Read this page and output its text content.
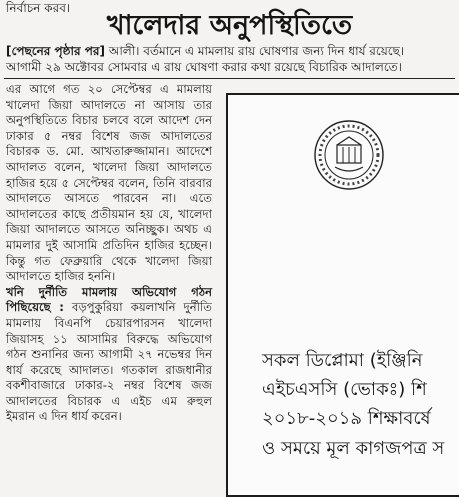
নির্বাচন করব।
খালেদার অনুপস্থিতিতে

[পেছনের পৃষ্ঠার পর] আলী। বর্তমানে এ মামলায় রায় ঘোষণার জন্য দিন ধার্য রয়েছে।

আগামী ২৯ অক্টোবর সোমবার এ রায় ঘোষণা করার কথা রয়েছে বিচারিক আদালতে।

এর আগে গত ২০ সেপ্টেম্বর এ মামলায় খালেদা জিয়া আদালতে না আসায় তার অনুপস্থিতিতে বিচার চলবে বলে আদেশ দেন ঢাকার ৫ নম্বর বিশেষ জজ আদালতের বিচারক ড. মো. আখতারুজ্জামান। আদেশে আদালত বলেন, খালেদা জিয়া আদালতে হাজির হয়ে ৫ সেপ্টেম্বর বলেন, তিনি বারবার আদালতে আসতে পারবেন না। এতে আদালতের কাছে প্রতীয়মান হয় যে, খালেদা জিয়া আদালতে আসতে অনিচ্ছুক। অথচ এ মামলার দুই আসামি প্রতিদিন হাজির হচ্ছেন। কিন্তু গত ফেব্রুয়ারি থেকে খালেদা জিয়া আদালতে হাজির হননি।

খনি দুর্নীতি মামলায় অভিযোগ গঠন পিছিয়েছে : বড়পুকুরিয়া কয়লাখনি দুর্নীতি মামলায় বিএনপি চেয়ারপারসন খালেদা জিয়াসহ ১১ আসামির বিরুদ্ধে অভিযোগ গঠন শুনানির জন্য আগামী ২৭ নভেম্বর দিন ধার্য করেছে আদালত। গতকাল রাজধানীর বকশীবাজারে ঢাকার-২ নম্বর বিশেষ জজ আদালতের বিচারক এ এইচ এম রুহুল ইমরান এ দিন ধার্য করেন।

সকল ডিপ্লোমা (ইঞ্জিনি
এইচএসসি (ভোকঃ) শি
২০১৮-২০১৯ শিক্ষাবর্ষে
ও সময়ে মূল কাগজপত্র স
